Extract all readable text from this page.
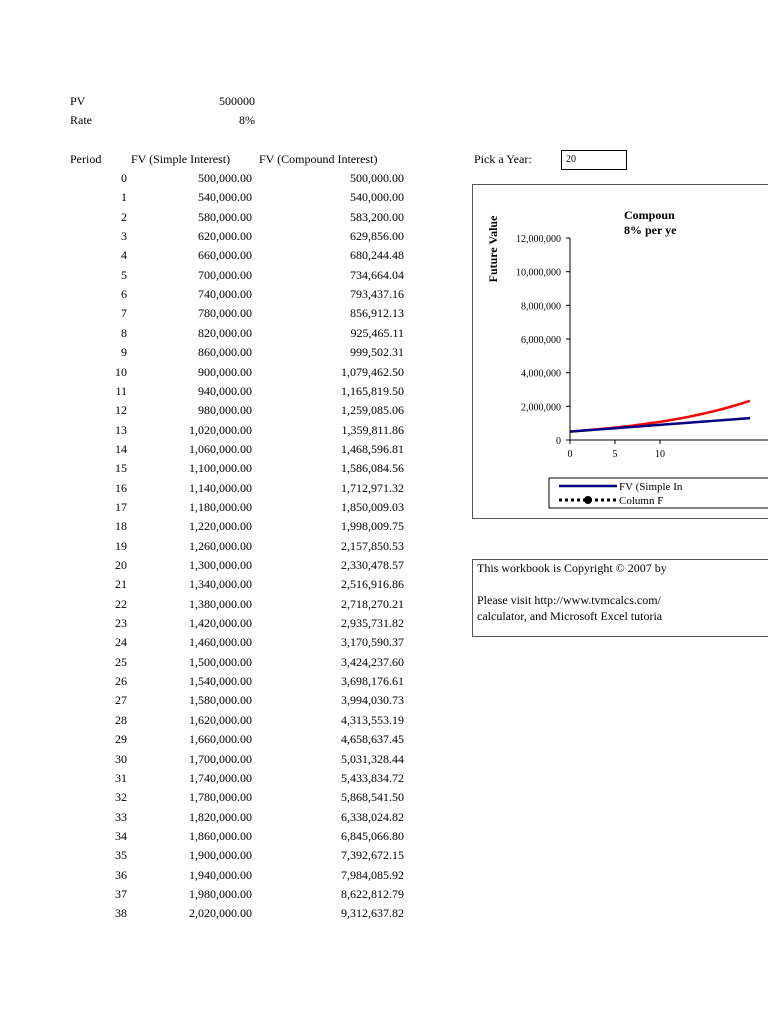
PV	500000
Rate	8%
Period FV (Simple Interest) FV (Compound Interest)
0	500,000.00	500,000.00
1	540,000.00	540,000.00
2	580,000.00	583,200.00
3	620,000.00	629,856.00
4	660,000.00	680,244.48
5	700,000.00	734,664.04
6	740,000.00	793,437.16
7	780,000.00	856,912.13
8	820,000.00	925,465.11
9	860,000.00	999,502.31
10	900,000.00	1,079,462.50
11	940,000.00	1,165,819.50
12	980,000.00	1,259,085.06
13	1,020,000.00	1,359,811.86
14	1,060,000.00	1,468,596.81
15	1,100,000.00	1,586,084.56
16	1,140,000.00	1,712,971.32
17	1,180,000.00	1,850,009.03
18	1,220,000.00	1,998,009.75
19	1,260,000.00	2,157,850.53
20	1,300,000.00	2,330,478.57
21	1,340,000.00	2,516,916.86
22	1,380,000.00	2,718,270.21
23	1,420,000.00	2,935,731.82
24	1,460,000.00	3,170,590.37
25	1,500,000.00	3,424,237.60
26	1,540,000.00	3,698,176.61
27	1,580,000.00	3,994,030.73
28	1,620,000.00	4,313,553.19
29	1,660,000.00	4,658,637.45
30	1,700,000.00	5,031,328.44
31	1,740,000.00	5,433,834.72
32	1,780,000.00	5,868,541.50
33	1,820,000.00	6,338,024.82
34	1,860,000.00	6,845,066.80
35	1,900,000.00	7,392,672.15
36	1,940,000.00	7,984,085.92
37	1,980,000.00	8,622,812.79
38	2,020,000.00	9,312,637.82
Pick a Year:	20
Compoun
8% per ye
Future Value 12,000,000
10,000,000
8,000,000
6,000,000
4,000,000
2,000,000
0
0	5	10
FV (Simple In
Column F
This workbook is Copyright © 2007 by
Please visit http://www.tvmcalcs.com/
calculator, and Microsoft Excel tutoria
